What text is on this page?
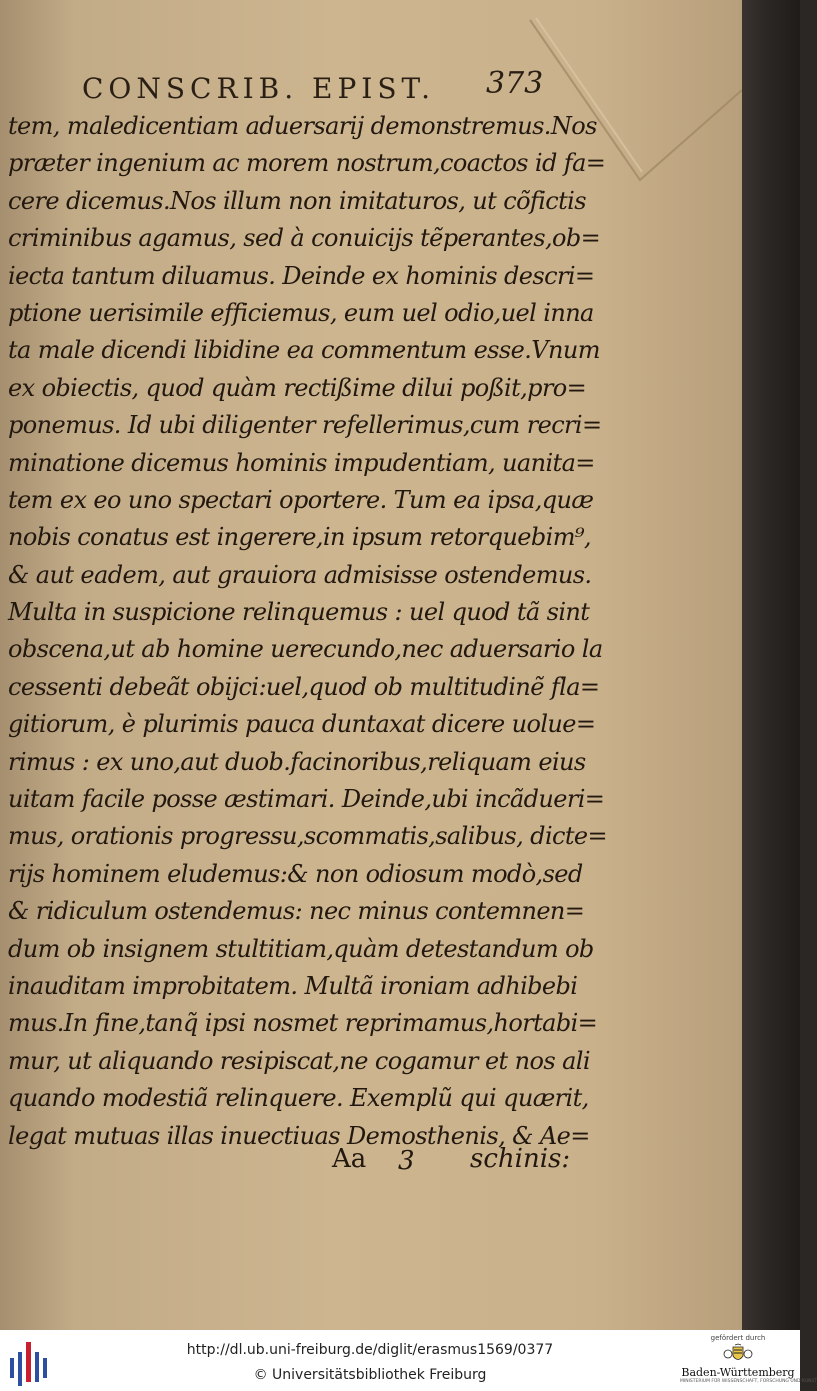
CONSCRIB. EPIST. 373
tem, maledicentiam aduersarij demonstremus.Nos
præter ingenium ac morem nostrum,coactos id fa=
cere dicemus.Nos illum non imitaturos, ut cõfictis
criminibus agamus, sed à conuicijs tẽperantes,ob=
iecta tantum diluamus. Deinde ex hominis descri=
ptione uerisimile efficiemus, eum uel odio,uel inna
ta male dicendi libidine ea commentum esse.Vnum
ex obiectis, quod quàm rectißime dilui poßit,pro=
ponemus. Id ubi diligenter refellerimus,cum recri=
minatione dicemus hominis impudentiam, uanita=
tem ex eo uno spectari oportere. Tum ea ipsa,quæ
nobis conatus est ingerere,in ipsum retorquebim⁹,
& aut eadem, aut grauiora admisisse ostendemus.
Multa in suspicione relinquemus : uel quod tã sint
obscena,ut ab homine uerecundo,nec aduersario la
cessenti debeãt obijci:uel,quod ob multitudinẽ fla=
gitiorum, è plurimis pauca duntaxat dicere uolue=
rimus : ex uno,aut duob.facinoribus,reliquam eius
uitam facile posse æstimari. Deinde,ubi incãdueri=
mus, orationis progressu,scommatis,salibus, dicte=
rijs hominem eludemus:& non odiosum modò,sed
& ridiculum ostendemus: nec minus contemnen=
dum ob insignem stultitiam,quàm detestandum ob
inauditam improbitatem. Multã ironiam adhibebi
mus.In fine,tanq̃ ipsi nosmet reprimamus,hortabi=
mur, ut aliquando resipiscat,ne cogamur et nos ali
quando modestiã relinquere. Exemplũ qui quærit,
legat mutuas illas inuectiuas Demosthenis, & Ae=
Aa 3 schinis:
http://dl.ub.uni-freiburg.de/diglit/erasmus1569/0377
© Universitätsbibliothek Freiburg
gefördert durch
Baden-Württemberg
MINISTERIUM FÜR WISSENSCHAFT, FORSCHUNG UND KUNST
